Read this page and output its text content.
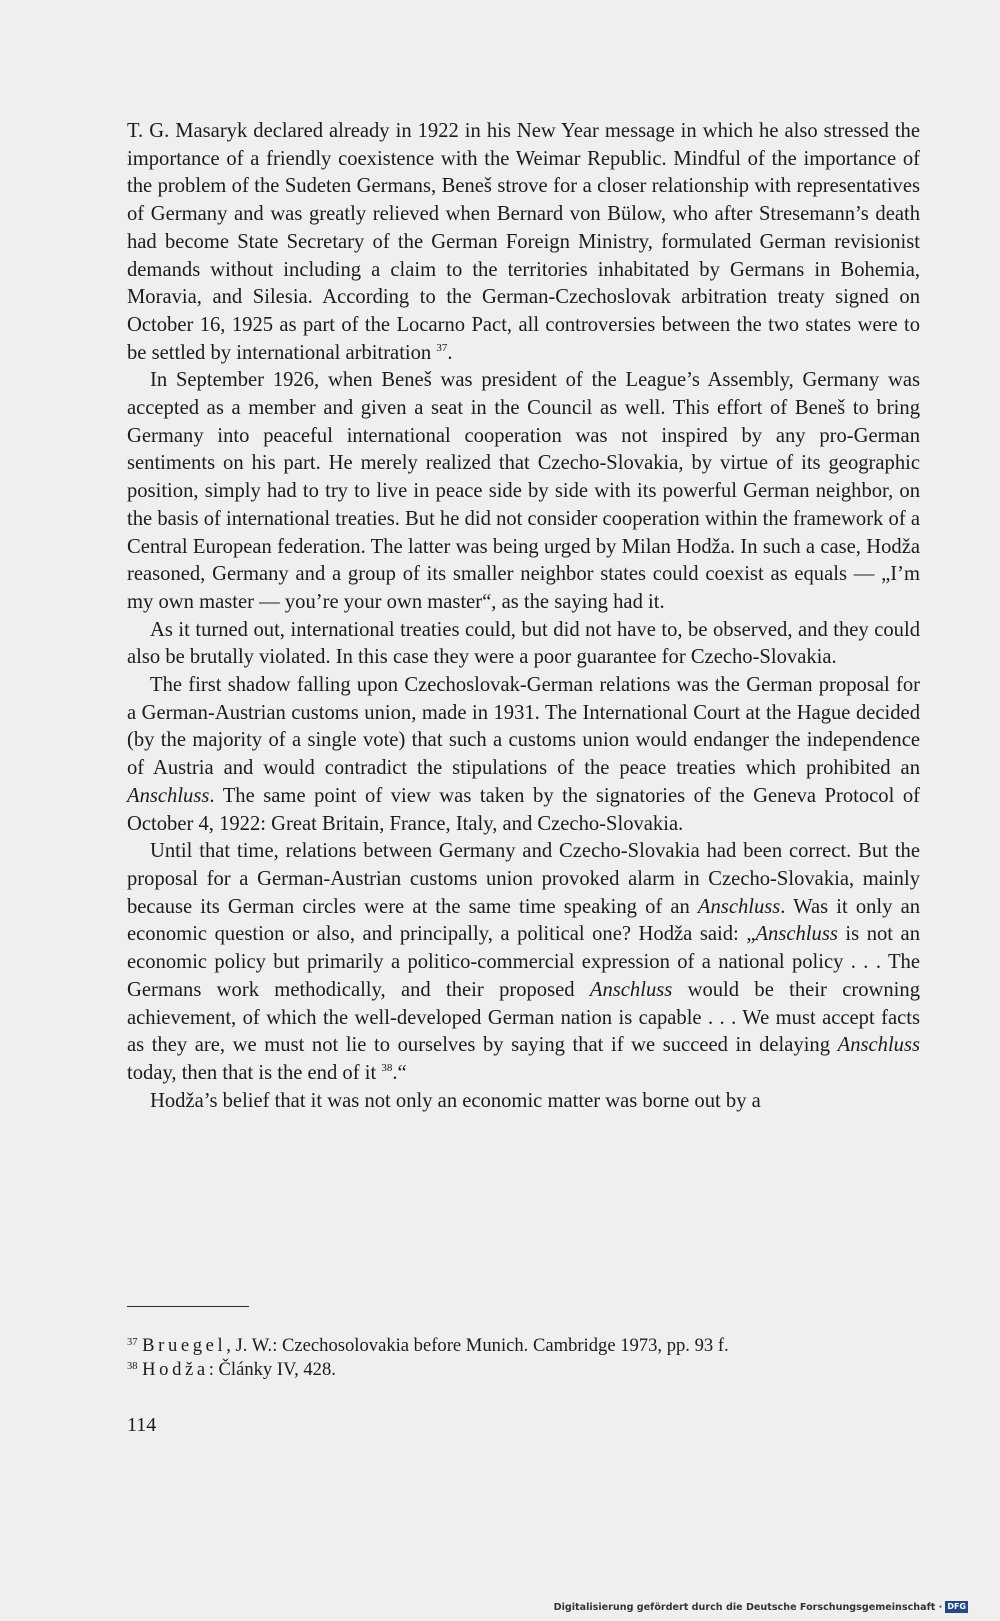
T. G. Masaryk declared already in 1922 in his New Year message in which he also stressed the importance of a friendly coexistence with the Weimar Republic. Mindful of the importance of the problem of the Sudeten Germans, Beneš strove for a closer relationship with representatives of Germany and was greatly relieved when Bernard von Bülow, who after Stresemann’s death had become State Secretary of the German Foreign Ministry, formulated German revisionist demands without including a claim to the territories inhabitated by Germans in Bohemia, Moravia, and Silesia. According to the German-Czechoslovak arbitration treaty signed on October 16, 1925 as part of the Locarno Pact, all controversies between the two states were to be settled by international arbitration $^{37}$.

In September 1926, when Beneš was president of the League’s Assembly, Germany was accepted as a member and given a seat in the Council as well. This effort of Beneš to bring Germany into peaceful international cooperation was not inspired by any pro-German sentiments on his part. He merely realized that Czecho-Slovakia, by virtue of its geographic position, simply had to try to live in peace side by side with its powerful German neighbor, on the basis of international treaties. But he did not consider cooperation within the framework of a Central European federation. The latter was being urged by Milan Hodža. In such a case, Hodža reasoned, Germany and a group of its smaller neighbor states could coexist as equals — „I’m my own master — you’re your own master“, as the saying had it.

As it turned out, international treaties could, but did not have to, be observed, and they could also be brutally violated. In this case they were a poor guarantee for Czecho-Slovakia.

The first shadow falling upon Czechoslovak-German relations was the German proposal for a German-Austrian customs union, made in 1931. The International Court at the Hague decided (by the majority of a single vote) that such a customs union would endanger the independence of Austria and would contradict the stipulations of the peace treaties which prohibited an Anschluss. The same point of view was taken by the signatories of the Geneva Protocol of October 4, 1922: Great Britain, France, Italy, and Czecho-Slovakia.

Until that time, relations between Germany and Czecho-Slovakia had been correct. But the proposal for a German-Austrian customs union provoked alarm in Czecho-Slovakia, mainly because its German circles were at the same time speaking of an Anschluss. Was it only an economic question or also, and principally, a political one? Hodža said: „Anschluss is not an economic policy but primarily a politico-commercial expression of a national policy . . . The Germans work methodically, and their proposed Anschluss would be their crowning achievement, of which the well-developed German nation is capable . . . We must accept facts as they are, we must not lie to ourselves by saying that if we succeed in delaying Anschluss today, then that is the end of it $^{38}$.“

Hodža’s belief that it was not only an economic matter was borne out by a

$^{37}$ Bruegel, J. W.: Czechosolovakia before Munich. Cambridge 1973, pp. 93 f.
$^{38}$ Hodža: Články IV, 428.
114
Digitalisierung gefördert durch die Deutsche Forschungsgemeinschaft · DFG
